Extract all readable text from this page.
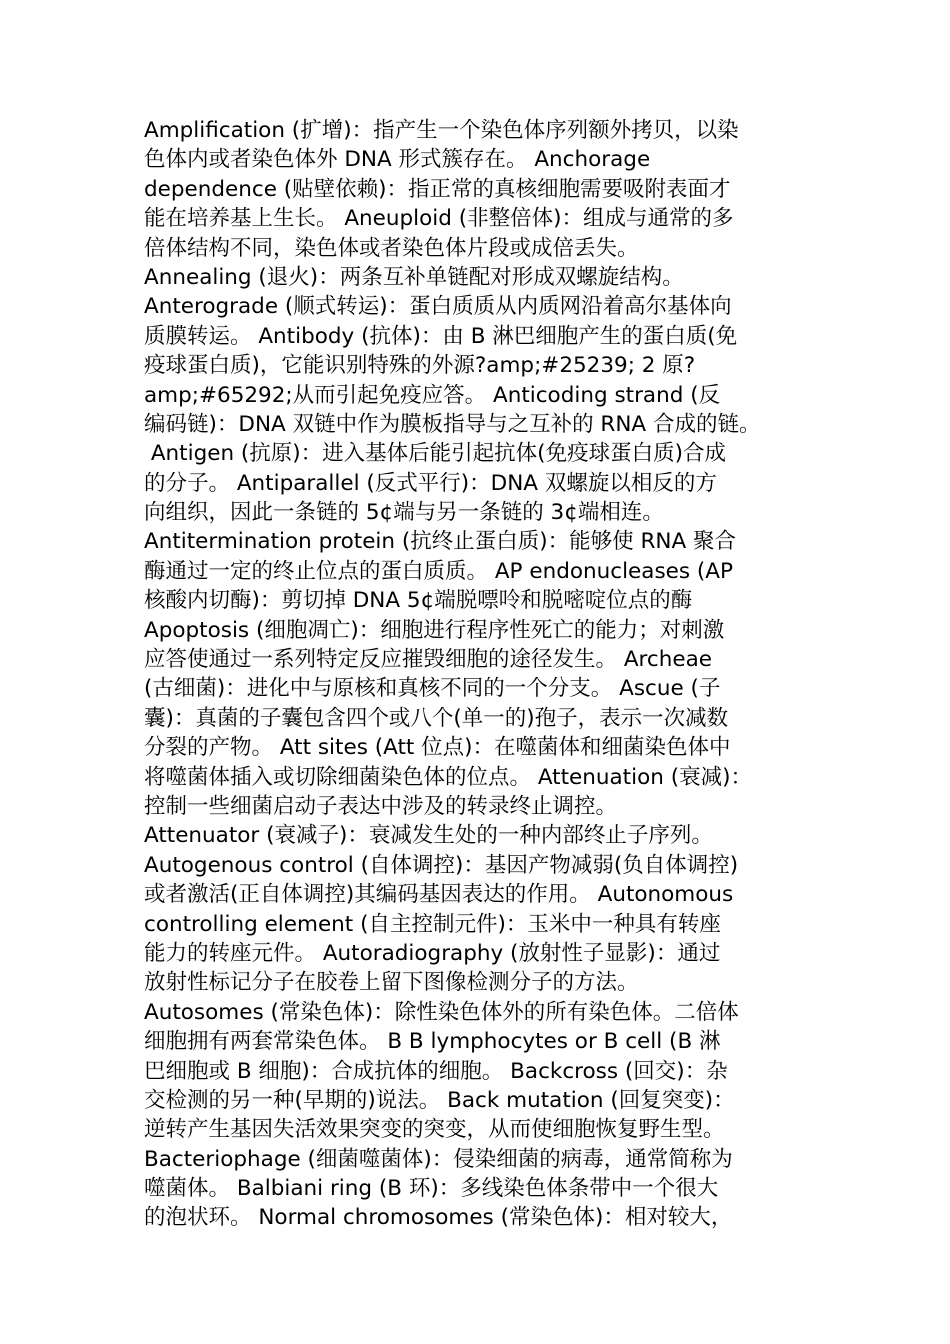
Amplification (扩增)：指产生一个染色体序列额外拷贝，以染
色体内或者染色体外 DNA 形式簇存在。 Anchorage
dependence (贴壁依赖)：指正常的真核细胞需要吸附表面才
能在培养基上生长。 Aneuploid (非整倍体)：组成与通常的多
倍体结构不同，染色体或者染色体片段或成倍丢失。
Annealing (退火)：两条互补单链配对形成双螺旋结构。
Anterograde (顺式转运)：蛋白质质从内质网沿着高尔基体向
质膜转运。 Antibody (抗体)：由 B 淋巴细胞产生的蛋白质(免
疫球蛋白质)，它能识别特殊的外源?amp;#25239; 2 原?
amp;#65292;从而引起免疫应答。 Anticoding strand (反
编码链)：DNA 双链中作为膜板指导与之互补的 RNA 合成的链。
Antigen (抗原)：进入基体后能引起抗体(免疫球蛋白质)合成
的分子。 Antiparallel (反式平行)：DNA 双螺旋以相反的方
向组织，因此一条链的 5¢端与另一条链的 3¢端相连。
Antitermination protein (抗终止蛋白质)：能够使 RNA 聚合
酶通过一定的终止位点的蛋白质质。 AP endonucleases (AP
核酸内切酶)：剪切掉 DNA 5¢端脱嘌呤和脱嘧啶位点的酶
Apoptosis (细胞凋亡)：细胞进行程序性死亡的能力；对刺激
应答使通过一系列特定反应摧毁细胞的途径发生。 Archeae
(古细菌)：进化中与原核和真核不同的一个分支。 Ascue (子
囊)：真菌的子囊包含四个或八个(单一的)孢子，表示一次减数
分裂的产物。 Att sites (Att 位点)：在噬菌体和细菌染色体中
将噬菌体插入或切除细菌染色体的位点。 Attenuation (衰减)：
控制一些细菌启动子表达中涉及的转录终止调控。
Attenuator (衰减子)：衰减发生处的一种内部终止子序列。
Autogenous control (自体调控)：基因产物减弱(负自体调控)
或者激活(正自体调控)其编码基因表达的作用。 Autonomous
controlling element (自主控制元件)：玉米中一种具有转座
能力的转座元件。 Autoradiography (放射性子显影)：通过
放射性标记分子在胶卷上留下图像检测分子的方法。
Autosomes (常染色体)：除性染色体外的所有染色体。二倍体
细胞拥有两套常染色体。 B B lymphocytes or B cell (B 淋
巴细胞或 B 细胞)：合成抗体的细胞。 Backcross (回交)：杂
交检测的另一种(早期的)说法。 Back mutation (回复突变)：
逆转产生基因失活效果突变的突变，从而使细胞恢复野生型。
Bacteriophage (细菌噬菌体)：侵染细菌的病毒，通常简称为
噬菌体。 Balbiani ring (B 环)：多线染色体条带中一个很大
的泡状环。 Normal chromosomes (常染色体)：相对较大，
